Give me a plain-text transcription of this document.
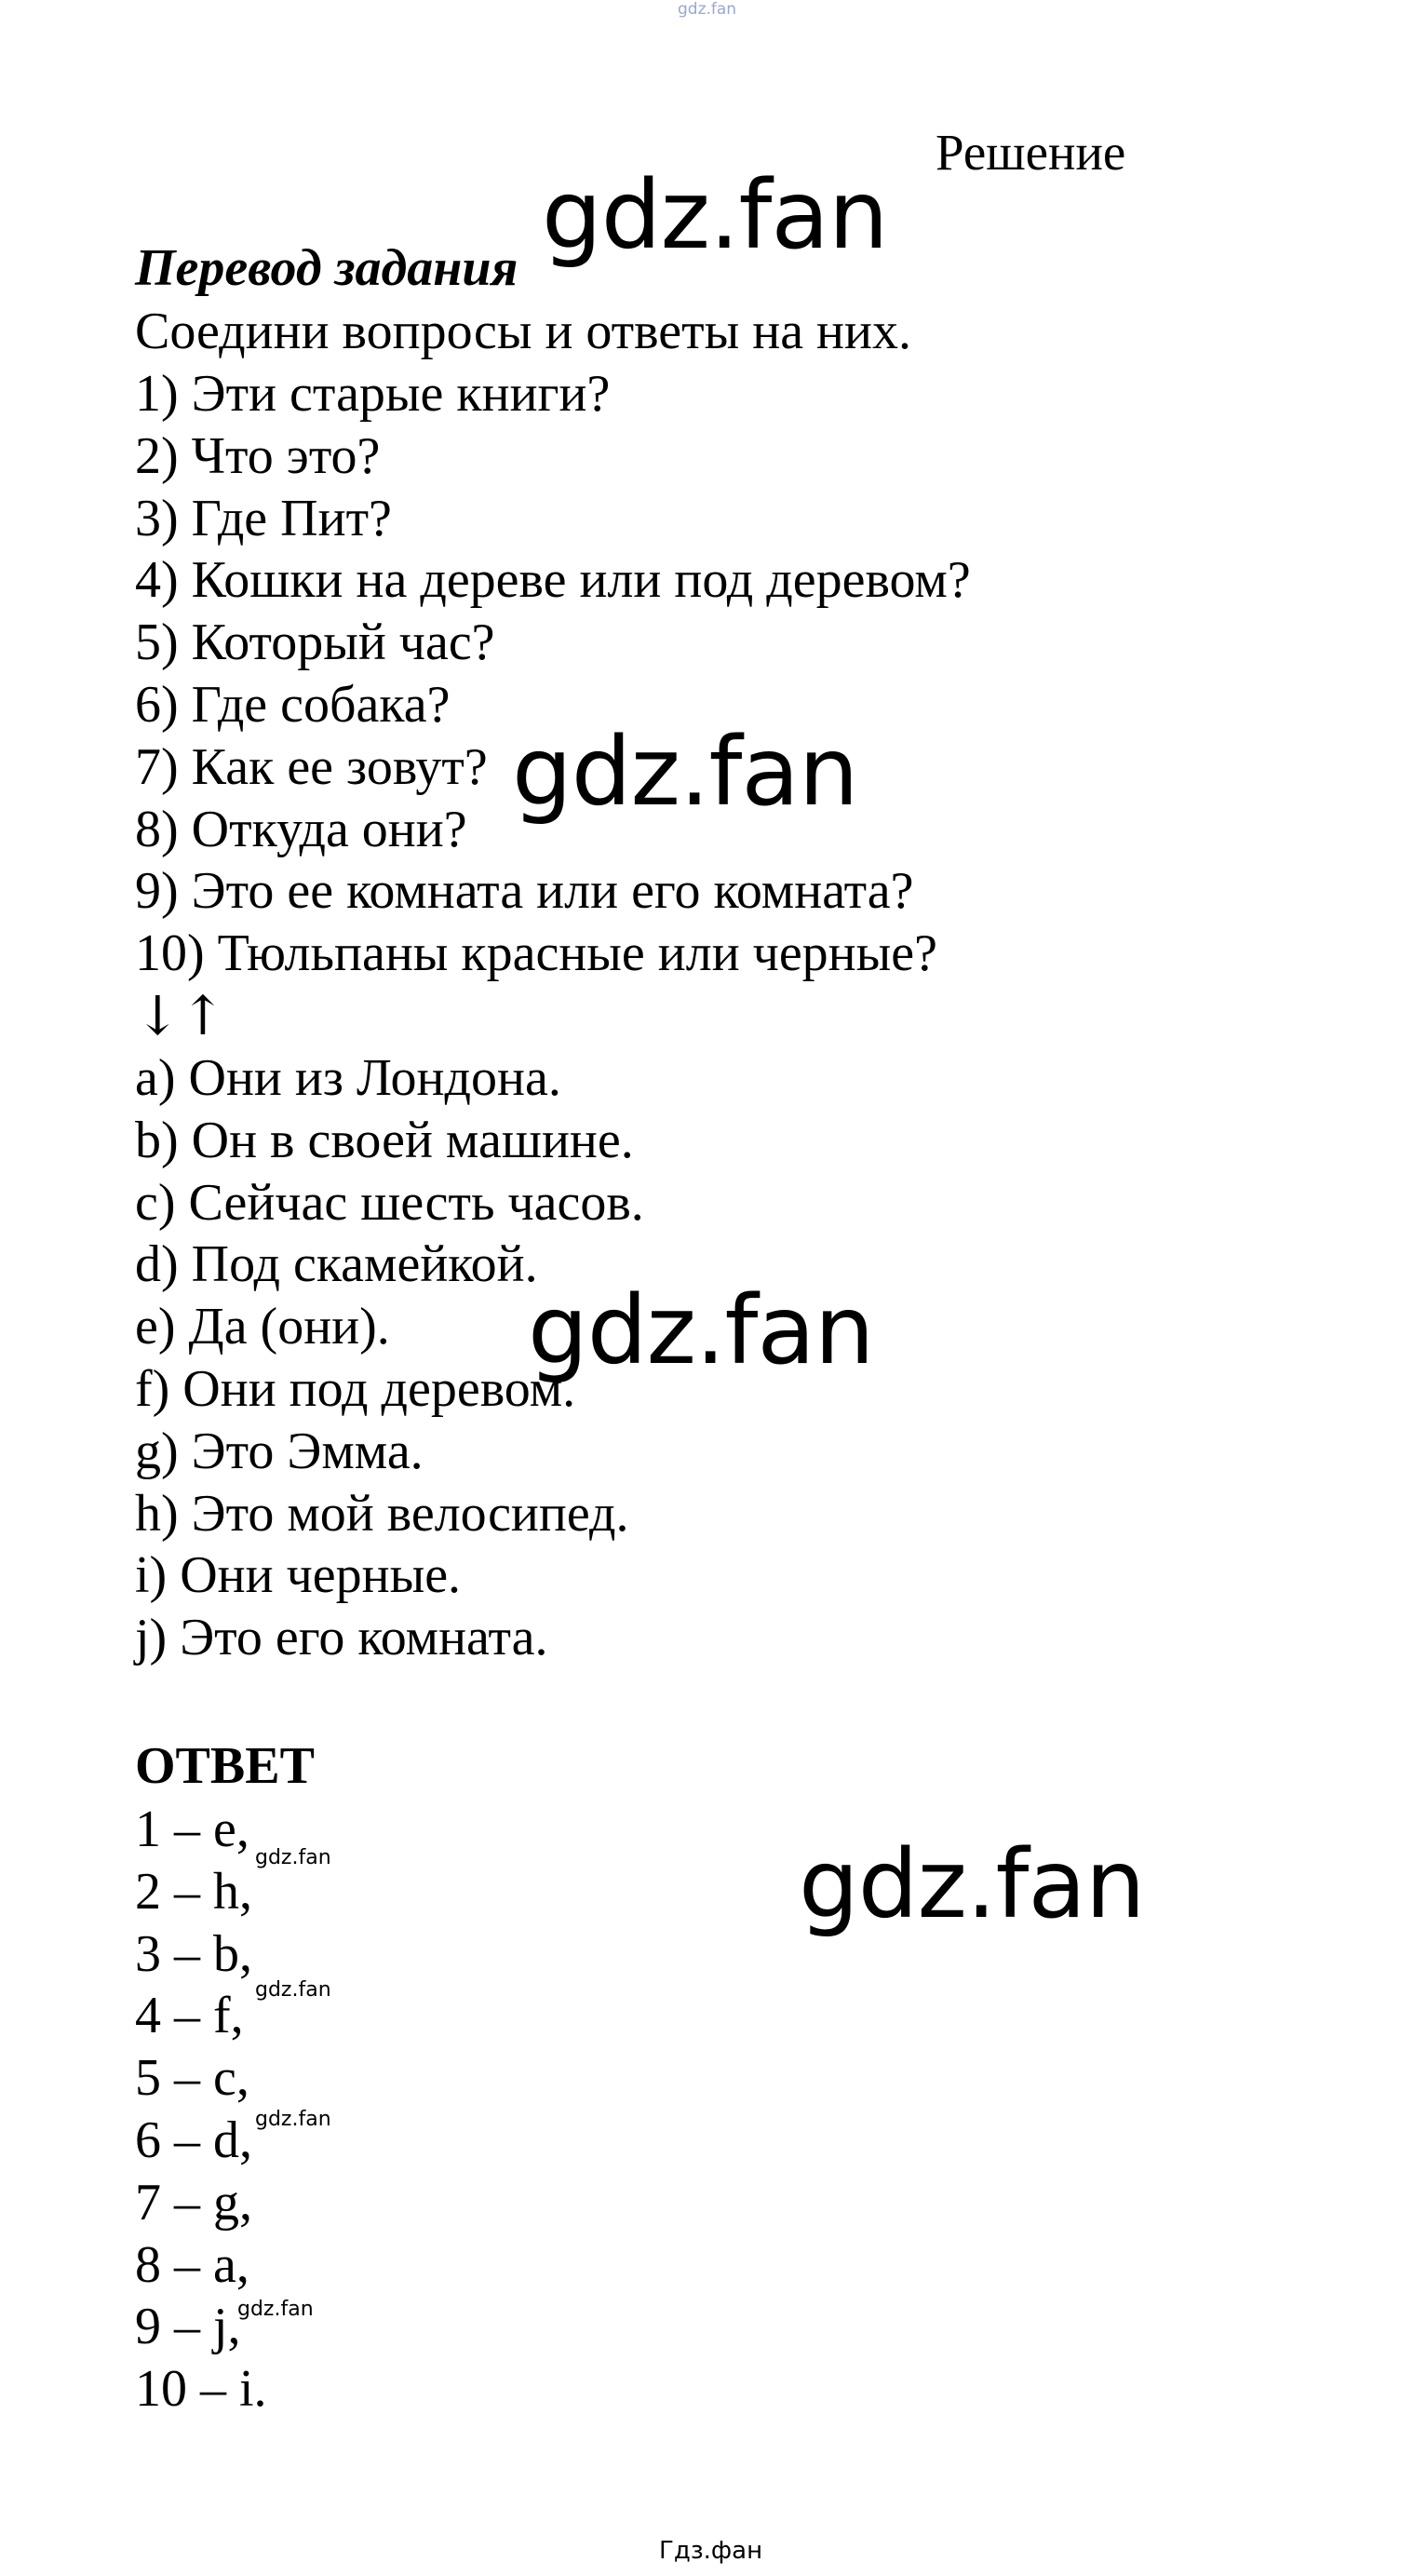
gdz.fan
Решение
Перевод задания
Соедини вопросы и ответы на них.
1) Эти старые книги?
2) Что это?
3) Где Пит?
4) Кошки на дереве или под деревом?
5) Который час?
6) Где собака?
7) Как ее зовут?
8) Откуда они?
9) Это ее комната или его комната?
10) Тюльпаны красные или черные?
↓↑
a) Они из Лондона.
b) Он в своей машине.
c) Сейчас шесть часов.
d) Под скамейкой.
e) Да (они).
f) Они под деревом.
g) Это Эмма.
h) Это мой велосипед.
i) Они черные.
j) Это его комната.
ОТВЕТ
1 – e,
2 – h,
3 – b,
4 – f,
5 – c,
6 – d,
7 – g,
8 – a,
9 – j,
10 – i.
gdz.fan
gdz.fan
gdz.fan
gdz.fan
gdz.fan
gdz.fan
gdz.fan
gdz.fan
Гдз.фан
